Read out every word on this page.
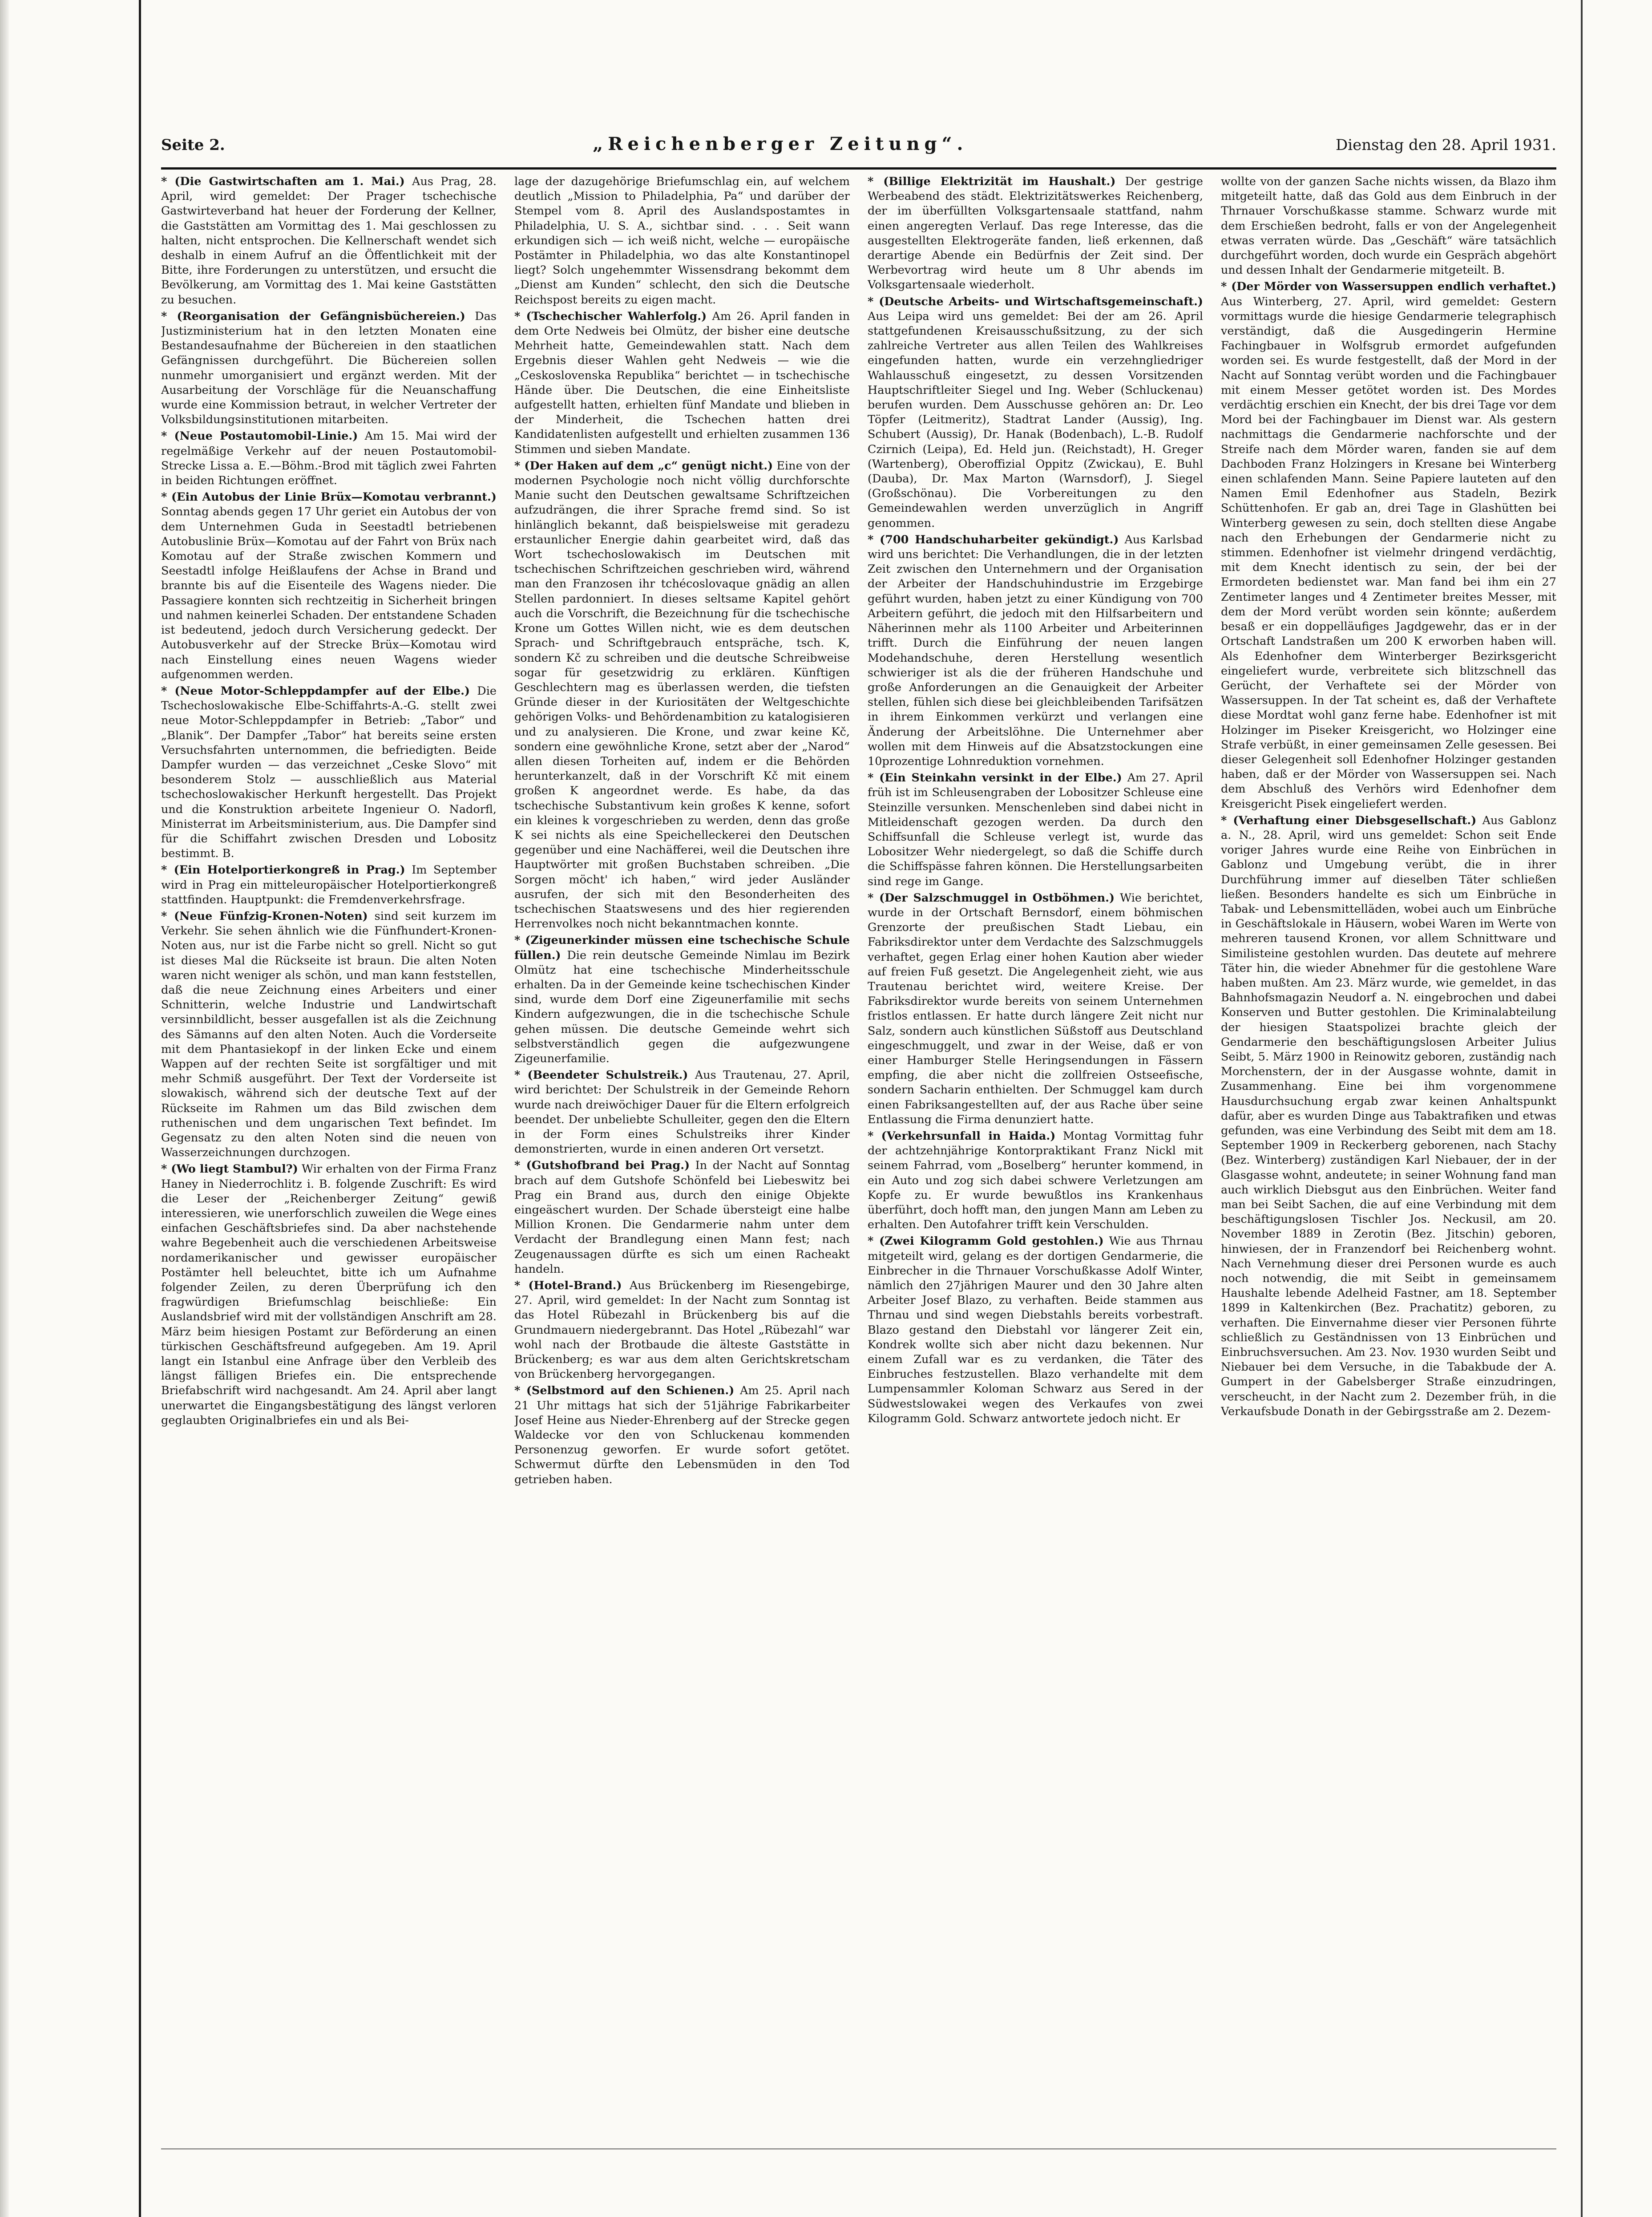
Seite 2.	„Reichenberger Zeitung“.	Dienstag den 28. April 1931.

* (Die Gastwirtschaften am 1. Mai.) Aus Prag, 28. April, wird gemeldet: Der Prager tschechische Gastwirteverband hat heuer der Forderung der Kellner, die Gaststätten am Vormittag des 1. Mai geschlossen zu halten, nicht entsprochen. Die Kellnerschaft wendet sich deshalb in einem Aufruf an die Öffentlichkeit mit der Bitte, ihre Forderungen zu unterstützen, und ersucht die Bevölkerung, am Vormittag des 1. Mai keine Gaststätten zu besuchen.

* (Reorganisation der Gefängnisbüchereien.) Das Justizministerium hat in den letzten Monaten eine Bestandesaufnahme der Büchereien in den staatlichen Gefängnissen durchgeführt. Die Büchereien sollen nunmehr umorganisiert und ergänzt werden. Mit der Ausarbeitung der Vorschläge für die Neuanschaffung wurde eine Kommission betraut, in welcher Vertreter der Volksbildungsinstitutionen mitarbeiten.

* (Neue Postautomobil-Linie.) Am 15. Mai wird der regelmäßige Verkehr auf der neuen Postautomobil-Strecke Lissa a. E.—Böhm.-Brod mit täglich zwei Fahrten in beiden Richtungen eröffnet.

* (Ein Autobus der Linie Brüx—Komotau verbrannt.) Sonntag abends gegen 17 Uhr geriet ein Autobus der von dem Unternehmen Guda in Seestadtl betriebenen Autobuslinie Brüx—Komotau auf der Fahrt von Brüx nach Komotau auf der Straße zwischen Kommern und Seestadtl infolge Heißlaufens der Achse in Brand und brannte bis auf die Eisenteile des Wagens nieder. Die Passagiere konnten sich rechtzeitig in Sicherheit bringen und nahmen keinerlei Schaden. Der entstandene Schaden ist bedeutend, jedoch durch Versicherung gedeckt. Der Autobusverkehr auf der Strecke Brüx—Komotau wird nach Einstellung eines neuen Wagens wieder aufgenommen werden.

* (Neue Motor-Schleppdampfer auf der Elbe.) Die Tschechoslowakische Elbe-Schiffahrts-A.-G. stellt zwei neue Motor-Schleppdampfer in Betrieb: „Tabor“ und „Blanik“. Der Dampfer „Tabor“ hat bereits seine ersten Versuchsfahrten unternommen, die befriedigten. Beide Dampfer wurden — das verzeichnet „Ceske Slovo“ mit besonderem Stolz — ausschließlich aus Material tschechoslowakischer Herkunft hergestellt. Das Projekt und die Konstruktion arbeitete Ingenieur O. Nadorfl, Ministerrat im Arbeitsministerium, aus. Die Dampfer sind für die Schiffahrt zwischen Dresden und Lobositz bestimmt. B.

* (Ein Hotelportierkongreß in Prag.) Im September wird in Prag ein mitteleuropäischer Hotelportierkongreß stattfinden. Hauptpunkt: die Fremdenverkehrsfrage.

* (Neue Fünfzig-Kronen-Noten) sind seit kurzem im Verkehr. Sie sehen ähnlich wie die Fünfhundert-Kronen-Noten aus, nur ist die Farbe nicht so grell. Nicht so gut ist dieses Mal die Rückseite ist braun. Die alten Noten waren nicht weniger als schön, und man kann feststellen, daß die neue Zeichnung eines Arbeiters und einer Schnitterin, welche Industrie und Landwirtschaft versinnbildlicht, besser ausgefallen ist als die Zeichnung des Sämanns auf den alten Noten. Auch die Vorderseite mit dem Phantasiekopf in der linken Ecke und einem Wappen auf der rechten Seite ist sorgfältiger und mit mehr Schmiß ausgeführt. Der Text der Vorderseite ist slowakisch, während sich der deutsche Text auf der Rückseite im Rahmen um das Bild zwischen dem ruthenischen und dem ungarischen Text befindet. Im Gegensatz zu den alten Noten sind die neuen von Wasserzeichnungen durchzogen.

* (Wo liegt Stambul?) Wir erhalten von der Firma Franz Haney in Niederrochlitz i. B. folgende Zuschrift: Es wird die Leser der „Reichenberger Zeitung“ gewiß interessieren, wie unerforschlich zuweilen die Wege eines einfachen Geschäftsbriefes sind. Da aber nachstehende wahre Begebenheit auch die verschiedenen Arbeitsweise nordamerikanischer und gewisser europäischer Postämter hell beleuchtet, bitte ich um Aufnahme folgender Zeilen, zu deren Überprüfung ich den fragwürdigen Briefumschlag beischließe: Ein Auslandsbrief wird mit der vollständigen Anschrift am 28. März beim hiesigen Postamt zur Beförderung an einen türkischen Geschäftsfreund aufgegeben. Am 19. April langt ein Istanbul eine Anfrage über den Verbleib des längst fälligen Briefes ein. Die entsprechende Briefabschrift wird nachgesandt. Am 24. April aber langt unerwartet die Eingangsbestätigung des längst verloren geglaubten Originalbriefes ein und als Bei-

lage der dazugehörige Briefumschlag ein, auf welchem deutlich „Mission to Philadelphia, Pa“ und darüber der Stempel vom 8. April des Auslandspostamtes in Philadelphia, U. S. A., sichtbar sind. . . . Seit wann erkundigen sich — ich weiß nicht, welche — europäische Postämter in Philadelphia, wo das alte Konstantinopel liegt? Solch ungehemmter Wissensdrang bekommt dem „Dienst am Kunden“ schlecht, den sich die Deutsche Reichspost bereits zu eigen macht.

* (Tschechischer Wahlerfolg.) Am 26. April fanden in dem Orte Nedweis bei Olmütz, der bisher eine deutsche Mehrheit hatte, Gemeindewahlen statt. Nach dem Ergebnis dieser Wahlen geht Nedweis — wie die „Ceskoslovenska Republika“ berichtet — in tschechische Hände über. Die Deutschen, die eine Einheitsliste aufgestellt hatten, erhielten fünf Mandate und blieben in der Minderheit, die Tschechen hatten drei Kandidatenlisten aufgestellt und erhielten zusammen 136 Stimmen und sieben Mandate.

* (Der Haken auf dem „c“ genügt nicht.) Eine von der modernen Psychologie noch nicht völlig durchforschte Manie sucht den Deutschen gewaltsame Schriftzeichen aufzudrängen, die ihrer Sprache fremd sind. So ist hinlänglich bekannt, daß beispielsweise mit geradezu erstaunlicher Energie dahin gearbeitet wird, daß das Wort tschechoslowakisch im Deutschen mit tschechischen Schriftzeichen geschrieben wird, während man den Franzosen ihr tchécoslovaque gnädig an allen Stellen pardonniert. In dieses seltsame Kapitel gehört auch die Vorschrift, die Bezeichnung für die tschechische Krone um Gottes Willen nicht, wie es dem deutschen Sprach- und Schriftgebrauch entspräche, tsch. K, sondern Kč zu schreiben und die deutsche Schreibweise sogar für gesetzwidrig zu erklären. Künftigen Geschlechtern mag es überlassen werden, die tiefsten Gründe dieser in der Kuriositäten der Weltgeschichte gehörigen Volks- und Behördenambition zu katalogisieren und zu analysieren. Die Krone, und zwar keine Kč, sondern eine gewöhnliche Krone, setzt aber der „Narod“ allen diesen Torheiten auf, indem er die Behörden herunterkanzelt, daß in der Vorschrift Kč mit einem großen K angeordnet werde. Es habe, da das tschechische Substantivum kein großes K kenne, sofort ein kleines k vorgeschrieben zu werden, denn das große K sei nichts als eine Speichelleckerei den Deutschen gegenüber und eine Nachäfferei, weil die Deutschen ihre Hauptwörter mit großen Buchstaben schreiben. „Die Sorgen möcht' ich haben,“ wird jeder Ausländer ausrufen, der sich mit den Besonderheiten des tschechischen Staatswesens und des hier regierenden Herrenvolkes noch nicht bekanntmachen konnte.

* (Zigeunerkinder müssen eine tschechische Schule füllen.) Die rein deutsche Gemeinde Nimlau im Bezirk Olmütz hat eine tschechische Minderheitsschule erhalten. Da in der Gemeinde keine tschechischen Kinder sind, wurde dem Dorf eine Zigeunerfamilie mit sechs Kindern aufgezwungen, die in die tschechische Schule gehen müssen. Die deutsche Gemeinde wehrt sich selbstverständlich gegen die aufgezwungene Zigeunerfamilie.

* (Beendeter Schulstreik.) Aus Trautenau, 27. April, wird berichtet: Der Schulstreik in der Gemeinde Rehorn wurde nach dreiwöchiger Dauer für die Eltern erfolgreich beendet. Der unbeliebte Schulleiter, gegen den die Eltern in der Form eines Schulstreiks ihrer Kinder demonstrierten, wurde in einen anderen Ort versetzt.

* (Gutshofbrand bei Prag.) In der Nacht auf Sonntag brach auf dem Gutshofe Schönfeld bei Liebeswitz bei Prag ein Brand aus, durch den einige Objekte eingeäschert wurden. Der Schade übersteigt eine halbe Million Kronen. Die Gendarmerie nahm unter dem Verdacht der Brandlegung einen Mann fest; nach Zeugenaussagen dürfte es sich um einen Racheakt handeln.

* (Hotel-Brand.) Aus Brückenberg im Riesengebirge, 27. April, wird gemeldet: In der Nacht zum Sonntag ist das Hotel Rübezahl in Brückenberg bis auf die Grundmauern niedergebrannt. Das Hotel „Rübezahl“ war wohl nach der Brotbaude die älteste Gaststätte in Brückenberg; es war aus dem alten Gerichtskretscham von Brückenberg hervorgegangen.

* (Selbstmord auf den Schienen.) Am 25. April nach 21 Uhr mittags hat sich der 51jährige Fabrikarbeiter Josef Heine aus Nieder-Ehrenberg auf der Strecke gegen Waldecke vor den von Schluckenau kommenden Personenzug geworfen. Er wurde sofort getötet. Schwermut dürfte den Lebensmüden in den Tod getrieben haben.

* (Billige Elektrizität im Haushalt.) Der gestrige Werbeabend des städt. Elektrizitätswerkes Reichenberg, der im überfüllten Volksgartensaale stattfand, nahm einen angeregten Verlauf. Das rege Interesse, das die ausgestellten Elektrogeräte fanden, ließ erkennen, daß derartige Abende ein Bedürfnis der Zeit sind. Der Werbevortrag wird heute um 8 Uhr abends im Volksgartensaale wiederholt.

* (Deutsche Arbeits- und Wirtschaftsgemeinschaft.) Aus Leipa wird uns gemeldet: Bei der am 26. April stattgefundenen Kreisausschußsitzung, zu der sich zahlreiche Vertreter aus allen Teilen des Wahlkreises eingefunden hatten, wurde ein verzehngliedriger Wahlausschuß eingesetzt, zu dessen Vorsitzenden Hauptschriftleiter Siegel und Ing. Weber (Schluckenau) berufen wurden. Dem Ausschusse gehören an: Dr. Leo Töpfer (Leitmeritz), Stadtrat Lander (Aussig), Ing. Schubert (Aussig), Dr. Hanak (Bodenbach), L.-B. Rudolf Czirnich (Leipa), Ed. Held jun. (Reichstadt), H. Greger (Wartenberg), Oberoffizial Oppitz (Zwickau), E. Buhl (Dauba), Dr. Max Marton (Warnsdorf), J. Siegel (Großschönau). Die Vorbereitungen zu den Gemeindewahlen werden unverzüglich in Angriff genommen.

* (700 Handschuharbeiter gekündigt.) Aus Karlsbad wird uns berichtet: Die Verhandlungen, die in der letzten Zeit zwischen den Unternehmern und der Organisation der Arbeiter der Handschuhindustrie im Erzgebirge geführt wurden, haben jetzt zu einer Kündigung von 700 Arbeitern geführt, die jedoch mit den Hilfsarbeitern und Näherinnen mehr als 1100 Arbeiter und Arbeiterinnen trifft. Durch die Einführung der neuen langen Modehandschuhe, deren Herstellung wesentlich schwieriger ist als die der früheren Handschuhe und große Anforderungen an die Genauigkeit der Arbeiter stellen, fühlen sich diese bei gleichbleibenden Tarifsätzen in ihrem Einkommen verkürzt und verlangen eine Änderung der Arbeitslöhne. Die Unternehmer aber wollen mit dem Hinweis auf die Absatzstockungen eine 10prozentige Lohnreduktion vornehmen.

* (Ein Steinkahn versinkt in der Elbe.) Am 27. April früh ist im Schleusengraben der Lobositzer Schleuse eine Steinzille versunken. Menschenleben sind dabei nicht in Mitleidenschaft gezogen werden. Da durch den Schiffsunfall die Schleuse verlegt ist, wurde das Lobositzer Wehr niedergelegt, so daß die Schiffe durch die Schiffspässe fahren können. Die Herstellungsarbeiten sind rege im Gange.

* (Der Salzschmuggel in Ostböhmen.) Wie berichtet, wurde in der Ortschaft Bernsdorf, einem böhmischen Grenzorte der preußischen Stadt Liebau, ein Fabriksdirektor unter dem Verdachte des Salzschmuggels verhaftet, gegen Erlag einer hohen Kaution aber wieder auf freien Fuß gesetzt. Die Angelegenheit zieht, wie aus Trautenau berichtet wird, weitere Kreise. Der Fabriksdirektor wurde bereits von seinem Unternehmen fristlos entlassen. Er hatte durch längere Zeit nicht nur Salz, sondern auch künstlichen Süßstoff aus Deutschland eingeschmuggelt, und zwar in der Weise, daß er von einer Hamburger Stelle Heringsendungen in Fässern empfing, die aber nicht die zollfreien Ostseefische, sondern Sacharin enthielten. Der Schmuggel kam durch einen Fabriksangestellten auf, der aus Rache über seine Entlassung die Firma denunziert hatte.

* (Verkehrsunfall in Haida.) Montag Vormittag fuhr der achtzehnjährige Kontorpraktikant Franz Nickl mit seinem Fahrrad, vom „Boselberg“ herunter kommend, in ein Auto und zog sich dabei schwere Verletzungen am Kopfe zu. Er wurde bewußtlos ins Krankenhaus überführt, doch hofft man, den jungen Mann am Leben zu erhalten. Den Autofahrer trifft kein Verschulden.

* (Zwei Kilogramm Gold gestohlen.) Wie aus Thrnau mitgeteilt wird, gelang es der dortigen Gendarmerie, die Einbrecher in die Thrnauer Vorschußkasse Adolf Winter, nämlich den 27jährigen Maurer und den 30 Jahre alten Arbeiter Josef Blazo, zu verhaften. Beide stammen aus Thrnau und sind wegen Diebstahls bereits vorbestraft. Blazo gestand den Diebstahl vor längerer Zeit ein, Kondrek wollte sich aber nicht dazu bekennen. Nur einem Zufall war es zu verdanken, die Täter des Einbruches festzustellen. Blazo verhandelte mit dem Lumpensammler Koloman Schwarz aus Sered in der Südwestslowakei wegen des Verkaufes von zwei Kilogramm Gold. Schwarz antwortete jedoch nicht. Er

wollte von der ganzen Sache nichts wissen, da Blazo ihm mitgeteilt hatte, daß das Gold aus dem Einbruch in der Thrnauer Vorschußkasse stamme. Schwarz wurde mit dem Erschießen bedroht, falls er von der Angelegenheit etwas verraten würde. Das „Geschäft“ wäre tatsächlich durchgeführt worden, doch wurde ein Gespräch abgehört und dessen Inhalt der Gendarmerie mitgeteilt. B.

* (Der Mörder von Wassersuppen endlich verhaftet.) Aus Winterberg, 27. April, wird gemeldet: Gestern vormittags wurde die hiesige Gendarmerie telegraphisch verständigt, daß die Ausgedingerin Hermine Fachingbauer in Wolfsgrub ermordet aufgefunden worden sei. Es wurde festgestellt, daß der Mord in der Nacht auf Sonntag verübt worden und die Fachingbauer mit einem Messer getötet worden ist. Des Mordes verdächtig erschien ein Knecht, der bis drei Tage vor dem Mord bei der Fachingbauer im Dienst war. Als gestern nachmittags die Gendarmerie nachforschte und der Streife nach dem Mörder waren, fanden sie auf dem Dachboden Franz Holzingers in Kresane bei Winterberg einen schlafenden Mann. Seine Papiere lauteten auf den Namen Emil Edenhofner aus Stadeln, Bezirk Schüttenhofen. Er gab an, drei Tage in Glashütten bei Winterberg gewesen zu sein, doch stellten diese Angabe nach den Erhebungen der Gendarmerie nicht zu stimmen. Edenhofner ist vielmehr dringend verdächtig, mit dem Knecht identisch zu sein, der bei der Ermordeten bedienstet war. Man fand bei ihm ein 27 Zentimeter langes und 4 Zentimeter breites Messer, mit dem der Mord verübt worden sein könnte; außerdem besaß er ein doppelläufiges Jagdgewehr, das er in der Ortschaft Landstraßen um 200 K erworben haben will. Als Edenhofner dem Winterberger Bezirksgericht eingeliefert wurde, verbreitete sich blitzschnell das Gerücht, der Verhaftete sei der Mörder von Wassersuppen. In der Tat scheint es, daß der Verhaftete diese Mordtat wohl ganz ferne habe. Edenhofner ist mit Holzinger im Piseker Kreisgericht, wo Holzinger eine Strafe verbüßt, in einer gemeinsamen Zelle gesessen. Bei dieser Gelegenheit soll Edenhofner Holzinger gestanden haben, daß er der Mörder von Wassersuppen sei. Nach dem Abschluß des Verhörs wird Edenhofner dem Kreisgericht Pisek eingeliefert werden.

* (Verhaftung einer Diebsgesellschaft.) Aus Gablonz a. N., 28. April, wird uns gemeldet: Schon seit Ende voriger Jahres wurde eine Reihe von Einbrüchen in Gablonz und Umgebung verübt, die in ihrer Durchführung immer auf dieselben Täter schließen ließen. Besonders handelte es sich um Einbrüche in Tabak- und Lebensmittelläden, wobei auch um Einbrüche in Geschäftslokale in Häusern, wobei Waren im Werte von mehreren tausend Kronen, vor allem Schnittware und Similisteine gestohlen wurden. Das deutete auf mehrere Täter hin, die wieder Abnehmer für die gestohlene Ware haben mußten. Am 23. März wurde, wie gemeldet, in das Bahnhofsmagazin Neudorf a. N. eingebrochen und dabei Konserven und Butter gestohlen. Die Kriminalabteilung der hiesigen Staatspolizei brachte gleich der Gendarmerie den beschäftigungslosen Arbeiter Julius Seibt, 5. März 1900 in Reinowitz geboren, zuständig nach Morchenstern, der in der Ausgasse wohnte, damit in Zusammenhang. Eine bei ihm vorgenommene Hausdurchsuchung ergab zwar keinen Anhaltspunkt dafür, aber es wurden Dinge aus Tabaktrafiken und etwas gefunden, was eine Verbindung des Seibt mit dem am 18. September 1909 in Reckerberg geborenen, nach Stachy (Bez. Winterberg) zuständigen Karl Niebauer, der in der Glasgasse wohnt, andeutete; in seiner Wohnung fand man auch wirklich Diebsgut aus den Einbrüchen. Weiter fand man bei Seibt Sachen, die auf eine Verbindung mit dem beschäftigungslosen Tischler Jos. Neckusil, am 20. November 1889 in Zerotin (Bez. Jitschin) geboren, hinwiesen, der in Franzendorf bei Reichenberg wohnt. Nach Vernehmung dieser drei Personen wurde es auch noch notwendig, die mit Seibt in gemeinsamem Haushalte lebende Adelheid Fastner, am 18. September 1899 in Kaltenkirchen (Bez. Prachatitz) geboren, zu verhaften. Die Einvernahme dieser vier Personen führte schließlich zu Geständnissen von 13 Einbrüchen und Einbruchsversuchen. Am 23. Nov. 1930 wurden Seibt und Niebauer bei dem Versuche, in die Tabakbude der A. Gumpert in der Gabelsberger Straße einzudringen, verscheucht, in der Nacht zum 2. Dezember früh, in die Verkaufsbude Donath in der Gebirgsstraße am 2. Dezem-
